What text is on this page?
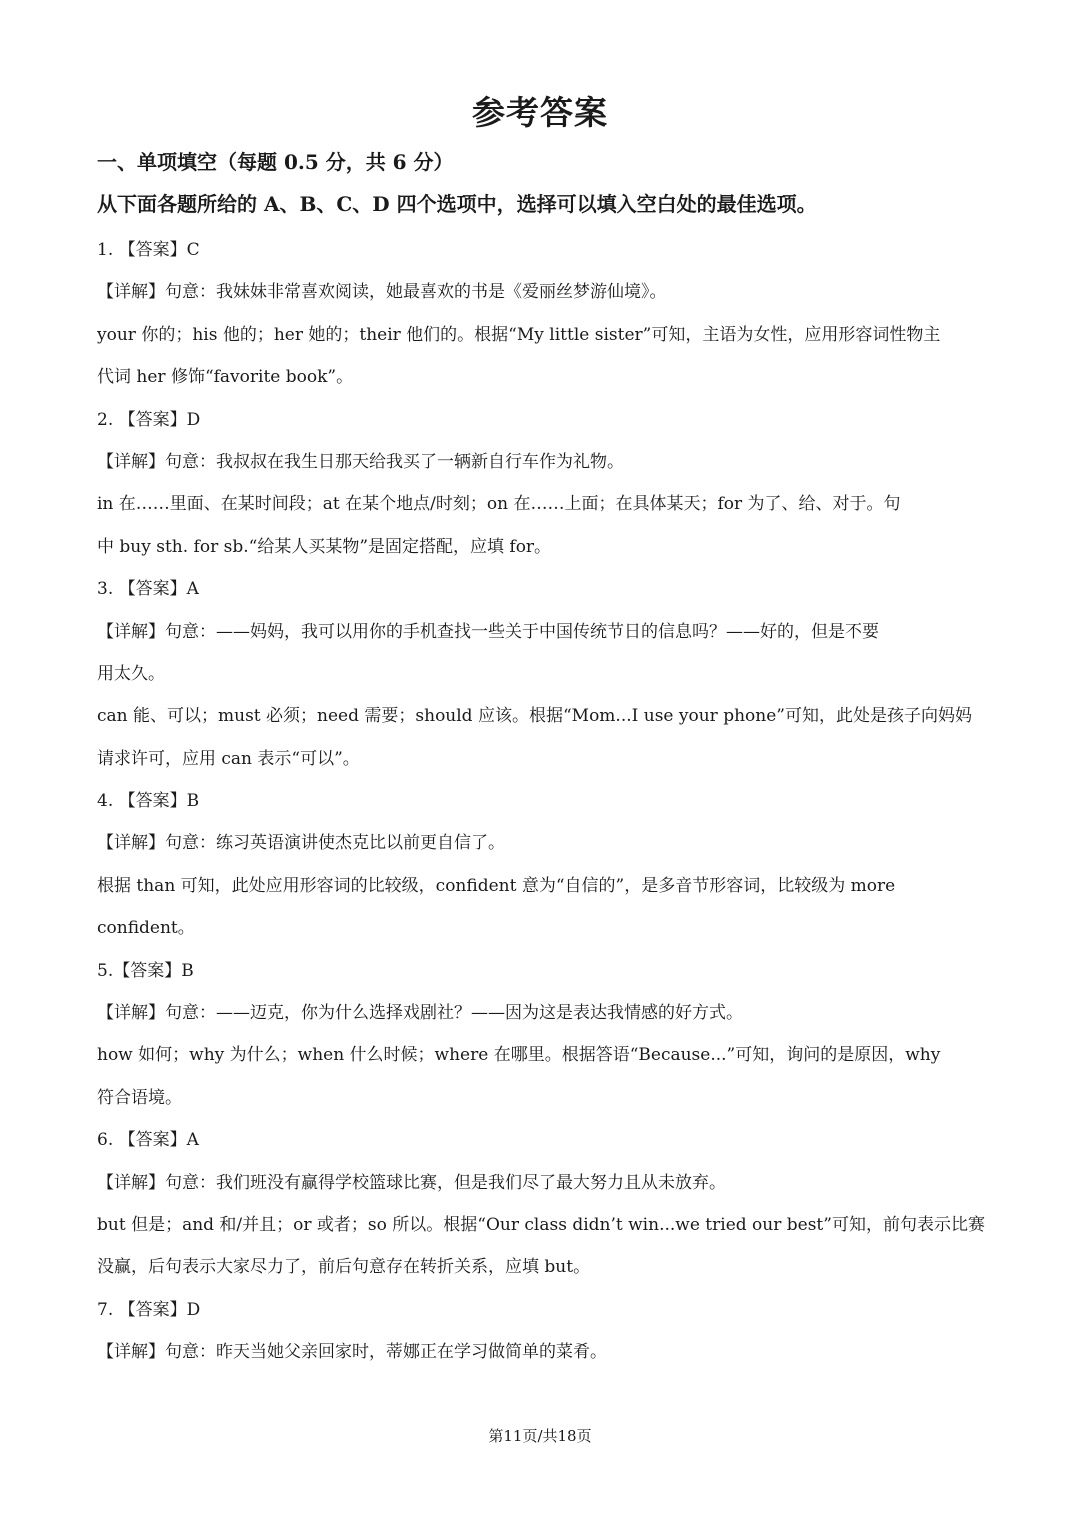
参考答案
一、单项填空（每题 0.5 分，共 6 分）
从下面各题所给的 A、B、C、D 四个选项中，选择可以填入空白处的最佳选项。
1. 【答案】C
【详解】句意：我妹妹非常喜欢阅读，她最喜欢的书是《爱丽丝梦游仙境》。
your 你的；his 他的；her 她的；their 他们的。根据“My little sister”可知，主语为女性，应用形容词性物主
代词 her 修饰“favorite book”。
2. 【答案】D
【详解】句意：我叔叔在我生日那天给我买了一辆新自行车作为礼物。
in 在……里面、在某时间段；at 在某个地点/时刻；on 在……上面；在具体某天；for 为了、给、对于。句
中 buy sth. for sb.“给某人买某物”是固定搭配，应填 for。
3. 【答案】A
【详解】句意：——妈妈，我可以用你的手机查找一些关于中国传统节日的信息吗？——好的，但是不要
用太久。
can 能、可以；must 必须；need 需要；should 应该。根据“Mom...I use your phone”可知，此处是孩子向妈妈
请求许可，应用 can 表示“可以”。
4. 【答案】B
【详解】句意：练习英语演讲使杰克比以前更自信了。
根据 than 可知，此处应用形容词的比较级，confident 意为“自信的”，是多音节形容词，比较级为 more
confident。
5.【答案】B
【详解】句意：——迈克，你为什么选择戏剧社？——因为这是表达我情感的好方式。
how 如何；why 为什么；when 什么时候；where 在哪里。根据答语“Because...”可知，询问的是原因，why
符合语境。
6. 【答案】A
【详解】句意：我们班没有赢得学校篮球比赛，但是我们尽了最大努力且从未放弃。
but 但是；and 和/并且；or 或者；so 所以。根据“Our class didn’t win...we tried our best”可知，前句表示比赛
没赢，后句表示大家尽力了，前后句意存在转折关系，应填 but。
7. 【答案】D
【详解】句意：昨天当她父亲回家时，蒂娜正在学习做简单的菜肴。
第11页/共18页
